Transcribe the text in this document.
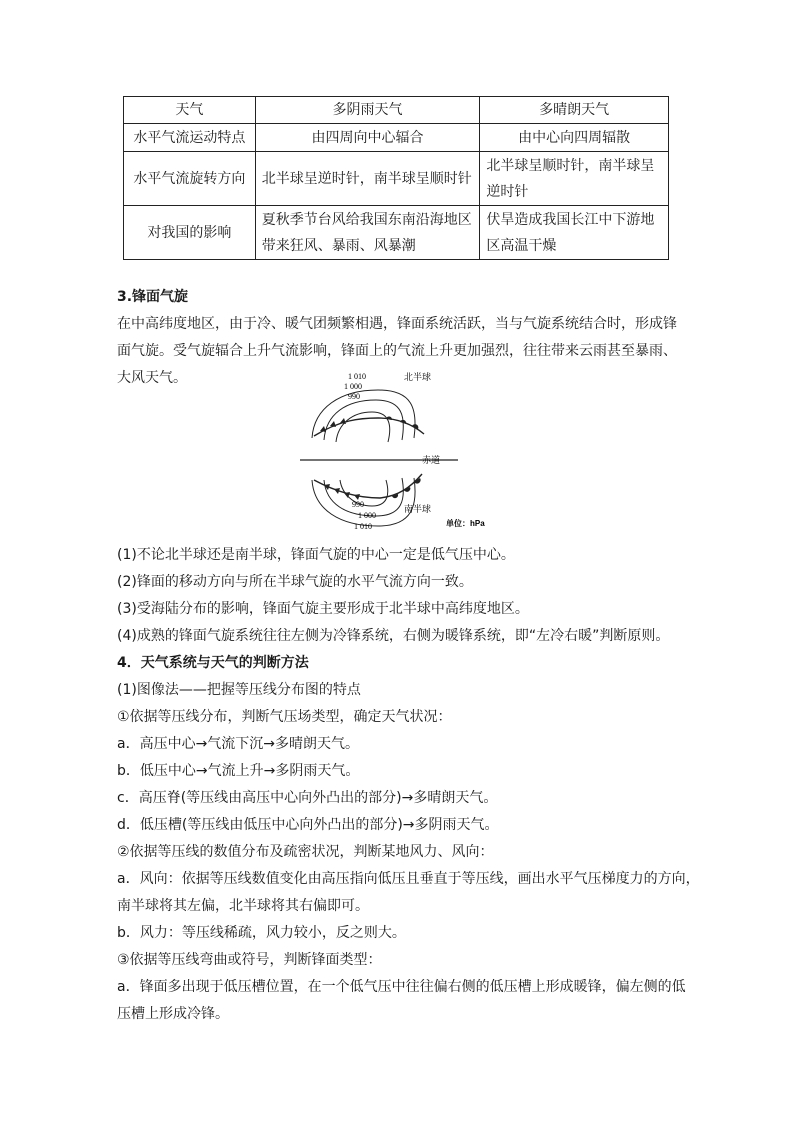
天气	多阴雨天气	多晴朗天气
水平气流运动特点	由四周向中心辐合	由中心向四周辐散
水平气流旋转方向	北半球呈逆时针，南半球呈顺时针	北半球呈顺时针，南半球呈逆时针
对我国的影响	夏秋季节台风给我国东南沿海地区带来狂风、暴雨、风暴潮	伏旱造成我国长江中下游地区高温干燥
3.锋面气旋
在中高纬度地区，由于冷、暖气团频繁相遇，锋面系统活跃，当与气旋系统结合时，形成锋
面气旋。受气旋辐合上升气流影响，锋面上的气流上升更加强烈，往往带来云雨甚至暴雨、
大风天气。	1 010
1 000
990
北半球
赤道
南半球
990
1 000
1 010	单位：hPa
(1)不论北半球还是南半球，锋面气旋的中心一定是低气压中心。
(2)锋面的移动方向与所在半球气旋的水平气流方向一致。
(3)受海陆分布的影响，锋面气旋主要形成于北半球中高纬度地区。
(4)成熟的锋面气旋系统往往左侧为冷锋系统，右侧为暖锋系统，即“左冷右暖”判断原则。
4．天气系统与天气的判断方法
(1)图像法——把握等压线分布图的特点
①依据等压线分布，判断气压场类型，确定天气状况：
a．高压中心→气流下沉→多晴朗天气。
b．低压中心→气流上升→多阴雨天气。
c．高压脊(等压线由高压中心向外凸出的部分)→多晴朗天气。
d．低压槽(等压线由低压中心向外凸出的部分)→多阴雨天气。
②依据等压线的数值分布及疏密状况，判断某地风力、风向：
a．风向：依据等压线数值变化由高压指向低压且垂直于等压线，画出水平气压梯度力的方向，
南半球将其左偏，北半球将其右偏即可。
b．风力：等压线稀疏，风力较小，反之则大。
③依据等压线弯曲或符号，判断锋面类型：
a．锋面多出现于低压槽位置，在一个低气压中往往偏右侧的低压槽上形成暖锋，偏左侧的低
压槽上形成冷锋。
